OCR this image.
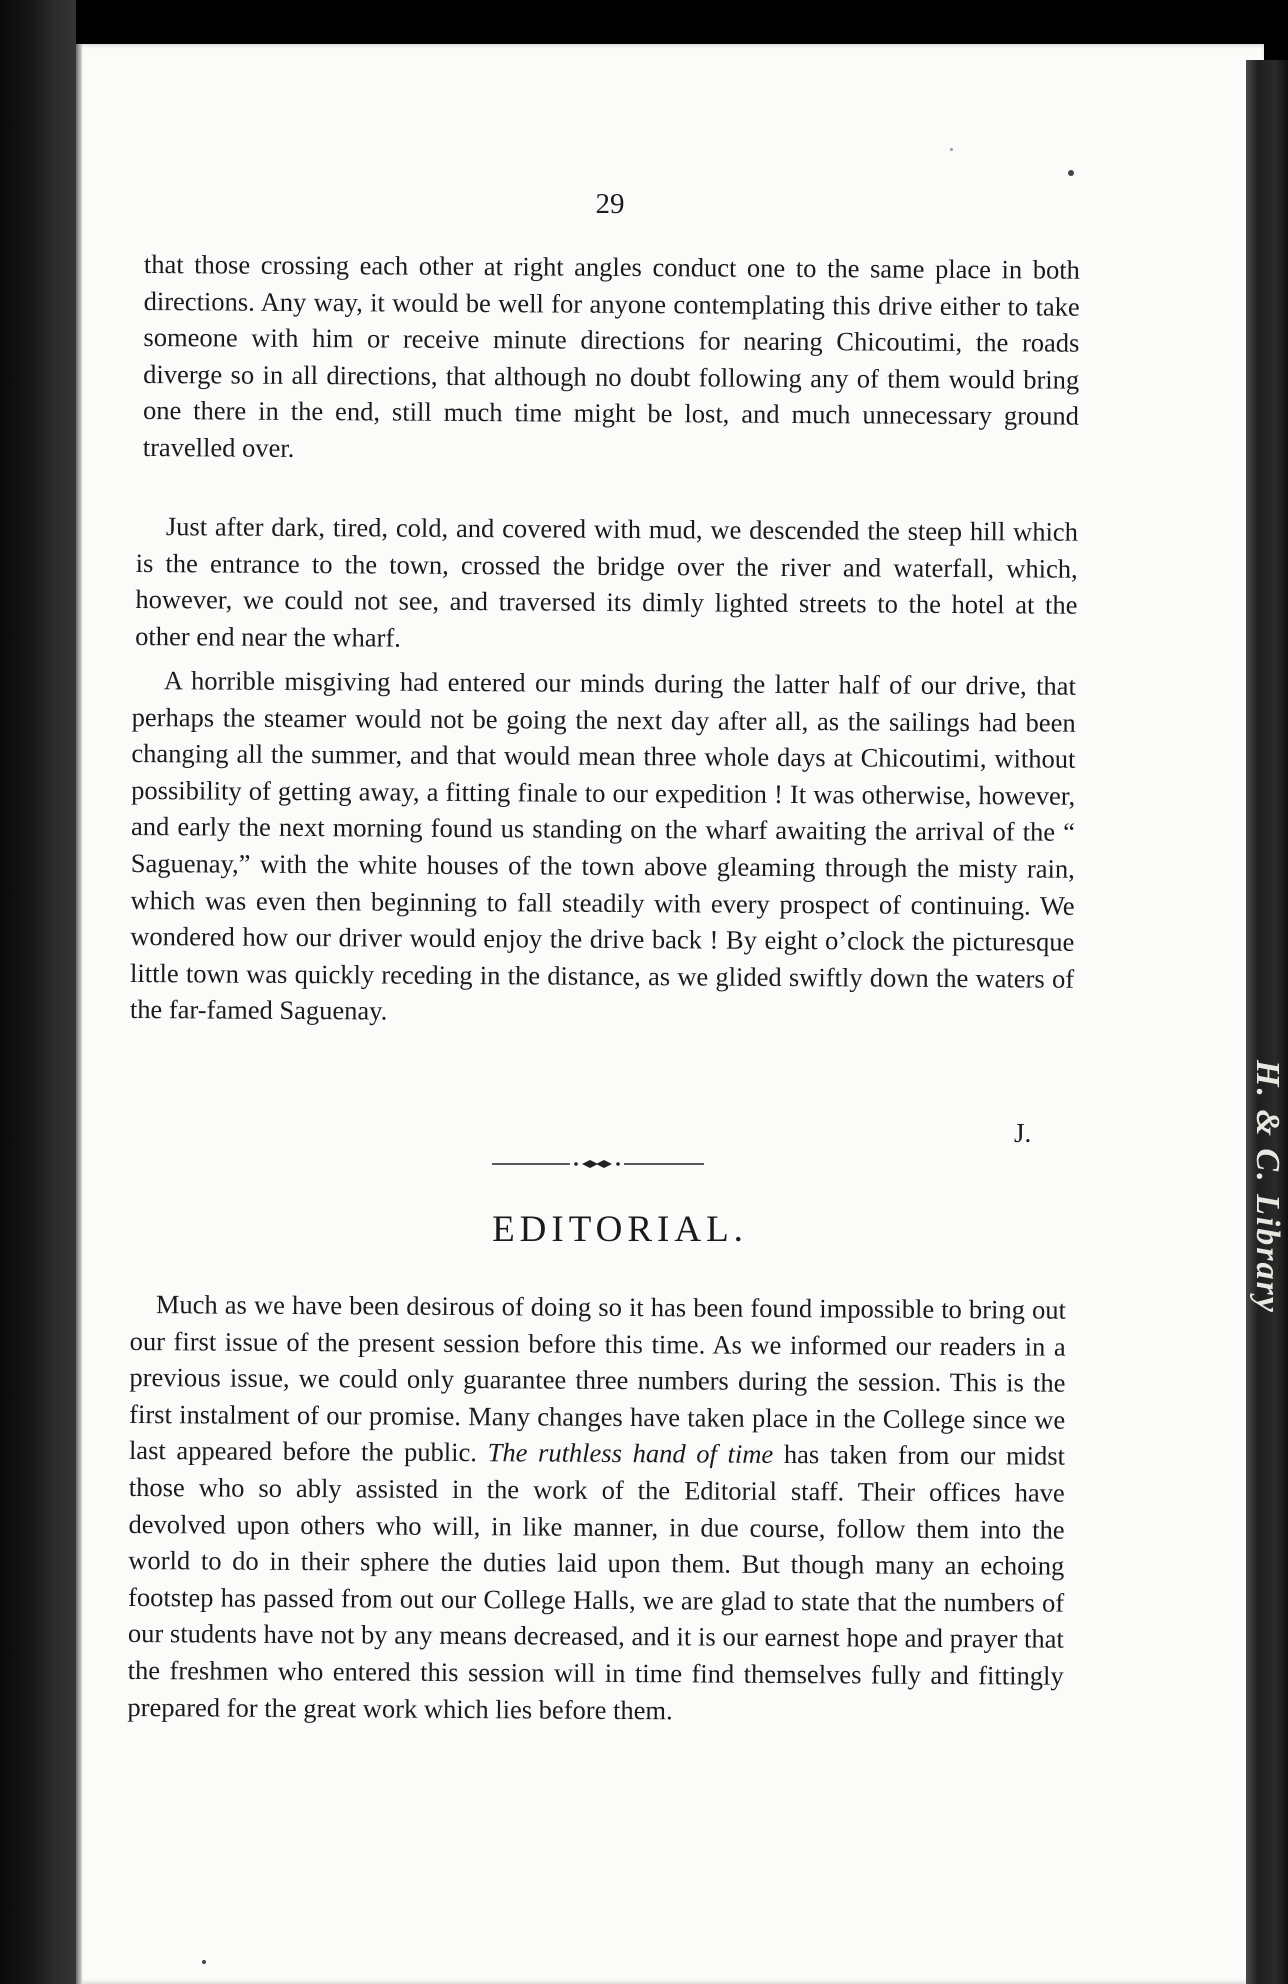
H. & C. Library
29

that those crossing each other at right angles conduct one to the same place in both directions. Any way, it would be well for anyone contemplating this drive either to take someone with him or receive minute directions for nearing Chicoutimi, the roads diverge so in all directions, that although no doubt following any of them would bring one there in the end, still much time might be lost, and much unnecessary ground travelled over.

Just after dark, tired, cold, and covered with mud, we descended the steep hill which is the entrance to the town, crossed the bridge over the river and waterfall, which, however, we could not see, and traversed its dimly lighted streets to the hotel at the other end near the wharf.

A horrible misgiving had entered our minds during the latter half of our drive, that perhaps the steamer would not be going the next day after all, as the sailings had been changing all the summer, and that would mean three whole days at Chicoutimi, without possibility of getting away, a fitting finale to our expedition ! It was otherwise, however, and early the next morning found us standing on the wharf awaiting the arrival of the “ Saguenay,” with the white houses of the town above gleaming through the misty rain, which was even then beginning to fall steadily with every prospect of continuing. We wondered how our driver would enjoy the drive back ! By eight o’clock the picturesque little town was quickly receding in the distance, as we glided swiftly down the waters of the far-famed Saguenay.

J.
EDITORIAL.

Much as we have been desirous of doing so it has been found impossible to bring out our first issue of the present session before this time. As we informed our readers in a previous issue, we could only guarantee three numbers during the session. This is the first instalment of our promise. Many changes have taken place in the College since we last appeared before the public. The ruthless hand of time has taken from our midst those who so ably assisted in the work of the Editorial staff. Their offices have devolved upon others who will, in like manner, in due course, follow them into the world to do in their sphere the duties laid upon them. But though many an echoing footstep has passed from out our College Halls, we are glad to state that the numbers of our students have not by any means decreased, and it is our earnest hope and prayer that the freshmen who entered this session will in time find themselves fully and fittingly prepared for the great work which lies before them.
